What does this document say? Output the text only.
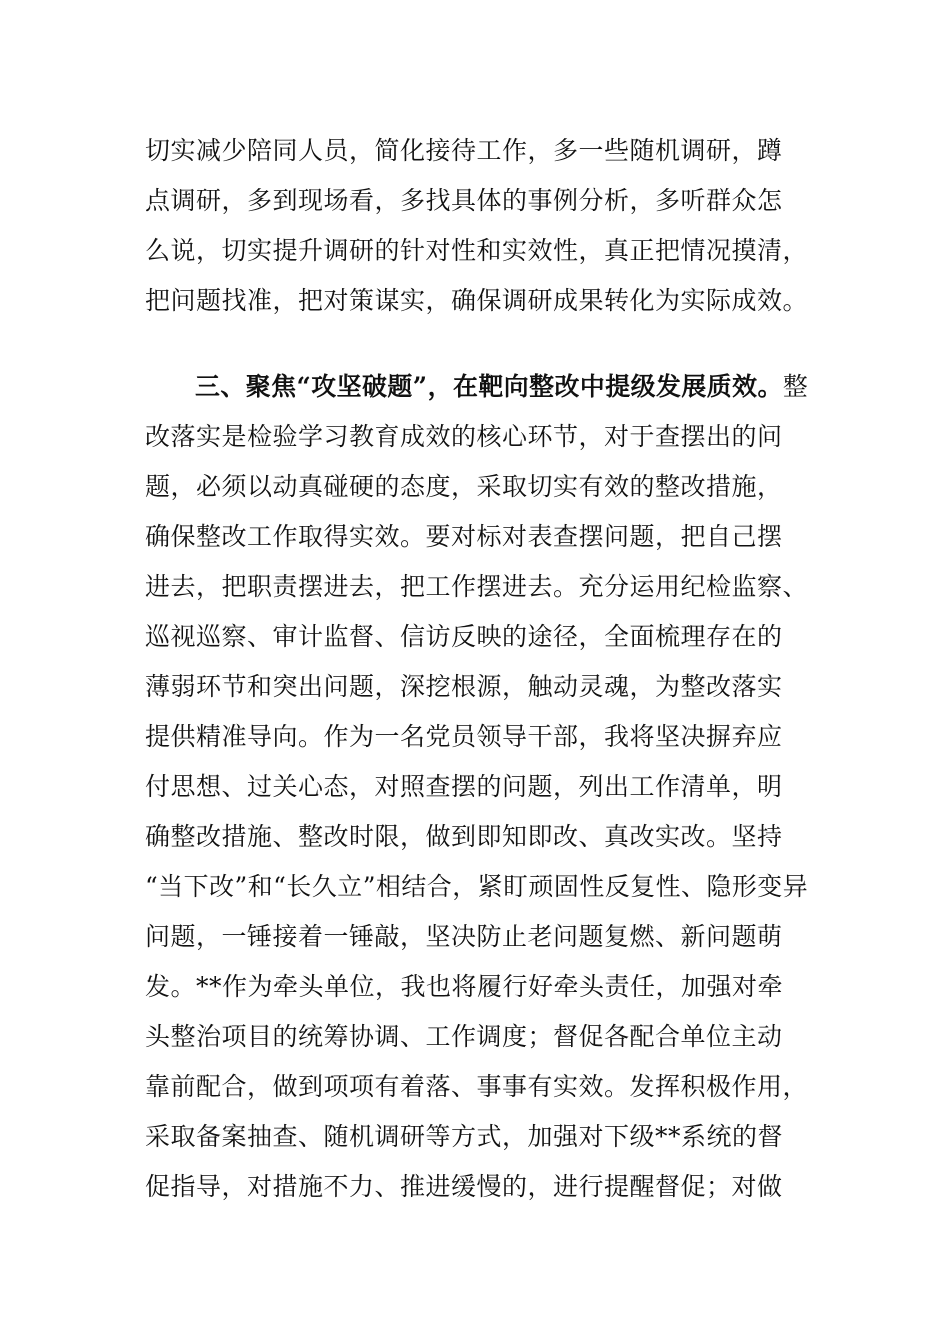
切实减少陪同人员，简化接待工作，多一些随机调研，蹲
点调研，多到现场看，多找具体的事例分析，多听群众怎
么说，切实提升调研的针对性和实效性，真正把情况摸清，
把问题找准，把对策谋实，确保调研成果转化为实际成效。
三、聚焦“攻坚破题”，在靶向整改中提级发展质效。整
改落实是检验学习教育成效的核心环节，对于查摆出的问
题，必须以动真碰硬的态度，采取切实有效的整改措施，
确保整改工作取得实效。要对标对表查摆问题，把自己摆
进去，把职责摆进去，把工作摆进去。充分运用纪检监察、
巡视巡察、审计监督、信访反映的途径，全面梳理存在的
薄弱环节和突出问题，深挖根源，触动灵魂，为整改落实
提供精准导向。作为一名党员领导干部，我将坚决摒弃应
付思想、过关心态，对照查摆的问题，列出工作清单，明
确整改措施、整改时限，做到即知即改、真改实改。坚持
“当下改”和“长久立”相结合，紧盯顽固性反复性、隐形变异
问题，一锤接着一锤敲，坚决防止老问题复燃、新问题萌
发。**作为牵头单位，我也将履行好牵头责任，加强对牵
头整治项目的统筹协调、工作调度；督促各配合单位主动
靠前配合，做到项项有着落、事事有实效。发挥积极作用，
采取备案抽查、随机调研等方式，加强对下级**系统的督
促指导，对措施不力、推进缓慢的，进行提醒督促；对做
